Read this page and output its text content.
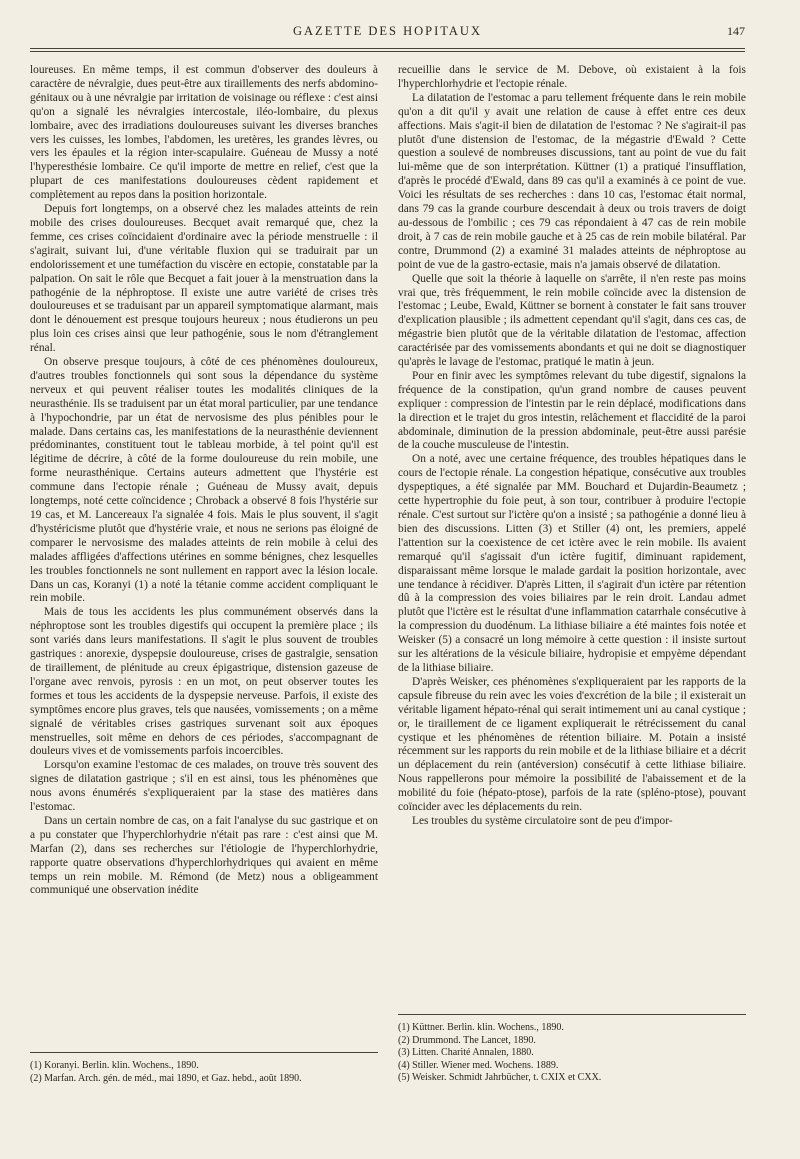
GAZETTE DES HOPITAUX	147

loureuses. En même temps, il est commun d'observer des douleurs à caractère de névralgie, dues peut-être aux tiraillements des nerfs abdomino-génitaux ou à une névralgie par irritation de voisinage ou réflexe : c'est ainsi qu'on a signalé les névralgies intercostale, iléo-lombaire, du plexus lombaire, avec des irradiations douloureuses suivant les diverses branches vers les cuisses, les lombes, l'abdomen, les uretères, les grandes lèvres, ou vers les épaules et la région inter-scapulaire. Guéneau de Mussy a noté l'hyperesthésie lombaire. Ce qu'il importe de mettre en relief, c'est que la plupart de ces manifestations douloureuses cèdent rapidement et complètement au repos dans la position horizontale.

Depuis fort longtemps, on a observé chez les malades atteints de rein mobile des crises douloureuses. Becquet avait remarqué que, chez la femme, ces crises coïncidaient d'ordinaire avec la période menstruelle : il s'agirait, suivant lui, d'une véritable fluxion qui se traduirait par un endolorissement et une tuméfaction du viscère en ectopie, constatable par la palpation. On sait le rôle que Becquet a fait jouer à la menstruation dans la pathogénie de la néphroptose. Il existe une autre variété de crises très douloureuses et se traduisant par un appareil symptomatique alarmant, mais dont le dénouement est presque toujours heureux ; nous étudierons un peu plus loin ces crises ainsi que leur pathogénie, sous le nom d'étranglement rénal.

On observe presque toujours, à côté de ces phénomènes douloureux, d'autres troubles fonctionnels qui sont sous la dépendance du système nerveux et qui peuvent réaliser toutes les modalités cliniques de la neurasthénie. Ils se traduisent par un état moral particulier, par une tendance à l'hypochondrie, par un état de nervosisme des plus pénibles pour le malade. Dans certains cas, les manifestations de la neurasthénie deviennent prédominantes, constituent tout le tableau morbide, à tel point qu'il est légitime de décrire, à côté de la forme douloureuse du rein mobile, une forme neurasthénique. Certains auteurs admettent que l'hystérie est commune dans l'ectopie rénale ; Guéneau de Mussy avait, depuis longtemps, noté cette coïncidence ; Chroback a observé 8 fois l'hystérie sur 19 cas, et M. Lancereaux l'a signalée 4 fois. Mais le plus souvent, il s'agit d'hystéricisme plutôt que d'hystérie vraie, et nous ne serions pas éloigné de comparer le nervosisme des malades atteints de rein mobile à celui des malades affligées d'affections utérines en somme bénignes, chez lesquelles les troubles fonctionnels ne sont nullement en rapport avec la lésion locale. Dans un cas, Koranyi (1) a noté la tétanie comme accident compliquant le rein mobile.

Mais de tous les accidents les plus communément observés dans la néphroptose sont les troubles digestifs qui occupent la première place ; ils sont variés dans leurs manifestations. Il s'agit le plus souvent de troubles gastriques : anorexie, dyspepsie douloureuse, crises de gastralgie, sensation de tiraillement, de plénitude au creux épigastrique, distension gazeuse de l'organe avec renvois, pyrosis : en un mot, on peut observer toutes les formes et tous les accidents de la dyspepsie nerveuse. Parfois, il existe des symptômes encore plus graves, tels que nausées, vomissements ; on a même signalé de véritables crises gastriques survenant soit aux époques menstruelles, soit même en dehors de ces périodes, s'accompagnant de douleurs vives et de vomissements parfois incoercibles.

Lorsqu'on examine l'estomac de ces malades, on trouve très souvent des signes de dilatation gastrique ; s'il en est ainsi, tous les phénomènes que nous avons énumérés s'expliqueraient par la stase des matières dans l'estomac.

Dans un certain nombre de cas, on a fait l'analyse du suc gastrique et on a pu constater que l'hyperchlorhydrie n'était pas rare : c'est ainsi que M. Marfan (2), dans ses recherches sur l'étiologie de l'hyperchlorhydrie, rapporte quatre observations d'hyperchlorhydriques qui avaient en même temps un rein mobile. M. Rémond (de Metz) nous a obligeamment communiqué une observation inédite

(1) Koranyi. Berlin. klin. Wochens., 1890.

(2) Marfan. Arch. gén. de méd., mai 1890, et Gaz. hebd., août 1890.

recueillie dans le service de M. Debove, où existaient à la fois l'hyperchlorhydrie et l'ectopie rénale.

La dilatation de l'estomac a paru tellement fréquente dans le rein mobile qu'on a dit qu'il y avait une relation de cause à effet entre ces deux affections. Mais s'agit-il bien de dilatation de l'estomac ? Ne s'agirait-il pas plutôt d'une distension de l'estomac, de la mégastrie d'Ewald ? Cette question a soulevé de nombreuses discussions, tant au point de vue du fait lui-même que de son interprétation. Küttner (1) a pratiqué l'insufflation, d'après le procédé d'Ewald, dans 89 cas qu'il a examinés à ce point de vue. Voici les résultats de ses recherches : dans 10 cas, l'estomac était normal, dans 79 cas la grande courbure descendait à deux ou trois travers de doigt au-dessous de l'ombilic ; ces 79 cas répondaient à 47 cas de rein mobile droit, à 7 cas de rein mobile gauche et à 25 cas de rein mobile bilatéral. Par contre, Drummond (2) a examiné 31 malades atteints de néphroptose au point de vue de la gastro-ectasie, mais n'a jamais observé de dilatation.

Quelle que soit la théorie à laquelle on s'arrête, il n'en reste pas moins vrai que, très fréquemment, le rein mobile coïncide avec la distension de l'estomac ; Leube, Ewald, Küttner se bornent à constater le fait sans trouver d'explication plausible ; ils admettent cependant qu'il s'agit, dans ces cas, de mégastrie bien plutôt que de la véritable dilatation de l'estomac, affection caractérisée par des vomissements abondants et qui ne doit se diagnostiquer qu'après le lavage de l'estomac, pratiqué le matin à jeun.

Pour en finir avec les symptômes relevant du tube digestif, signalons la fréquence de la constipation, qu'un grand nombre de causes peuvent expliquer : compression de l'intestin par le rein déplacé, modifications dans la direction et le trajet du gros intestin, relâchement et flaccidité de la paroi abdominale, diminution de la pression abdominale, peut-être aussi parésie de la couche musculeuse de l'intestin.

On a noté, avec une certaine fréquence, des troubles hépatiques dans le cours de l'ectopie rénale. La congestion hépatique, consécutive aux troubles dyspeptiques, a été signalée par MM. Bouchard et Dujardin-Beaumetz ; cette hypertrophie du foie peut, à son tour, contribuer à produire l'ectopie rénale. C'est surtout sur l'ictère qu'on a insisté ; sa pathogénie a donné lieu à bien des discussions. Litten (3) et Stiller (4) ont, les premiers, appelé l'attention sur la coexistence de cet ictère avec le rein mobile. Ils avaient remarqué qu'il s'agissait d'un ictère fugitif, diminuant rapidement, disparaissant même lorsque le malade gardait la position horizontale, avec une tendance à récidiver. D'après Litten, il s'agirait d'un ictère par rétention dû à la compression des voies biliaires par le rein droit. Landau admet plutôt que l'ictère est le résultat d'une inflammation catarrhale consécutive à la compression du duodénum. La lithiase biliaire a été maintes fois notée et Weisker (5) a consacré un long mémoire à cette question : il insiste surtout sur les altérations de la vésicule biliaire, hydropisie et empyème dépendant de la lithiase biliaire.

D'après Weisker, ces phénomènes s'expliqueraient par les rapports de la capsule fibreuse du rein avec les voies d'excrétion de la bile ; il existerait un véritable ligament hépato-rénal qui serait intimement uni au canal cystique ; or, le tiraillement de ce ligament expliquerait le rétrécissement du canal cystique et les phénomènes de rétention biliaire. M. Potain a insisté récemment sur les rapports du rein mobile et de la lithiase biliaire et a décrit un déplacement du rein (antéversion) consécutif à cette lithiase biliaire. Nous rappellerons pour mémoire la possibilité de l'abaissement et de la mobilité du foie (hépato-ptose), parfois de la rate (spléno-ptose), pouvant coïncider avec les déplacements du rein.

Les troubles du système circulatoire sont de peu d'impor-

(1) Küttner. Berlin. klin. Wochens., 1890.

(2) Drummond. The Lancet, 1890.

(3) Litten. Charité Annalen, 1880.

(4) Stiller. Wiener med. Wochens. 1889.

(5) Weisker. Schmidt Jahrbücher, t. CXIX et CXX.
